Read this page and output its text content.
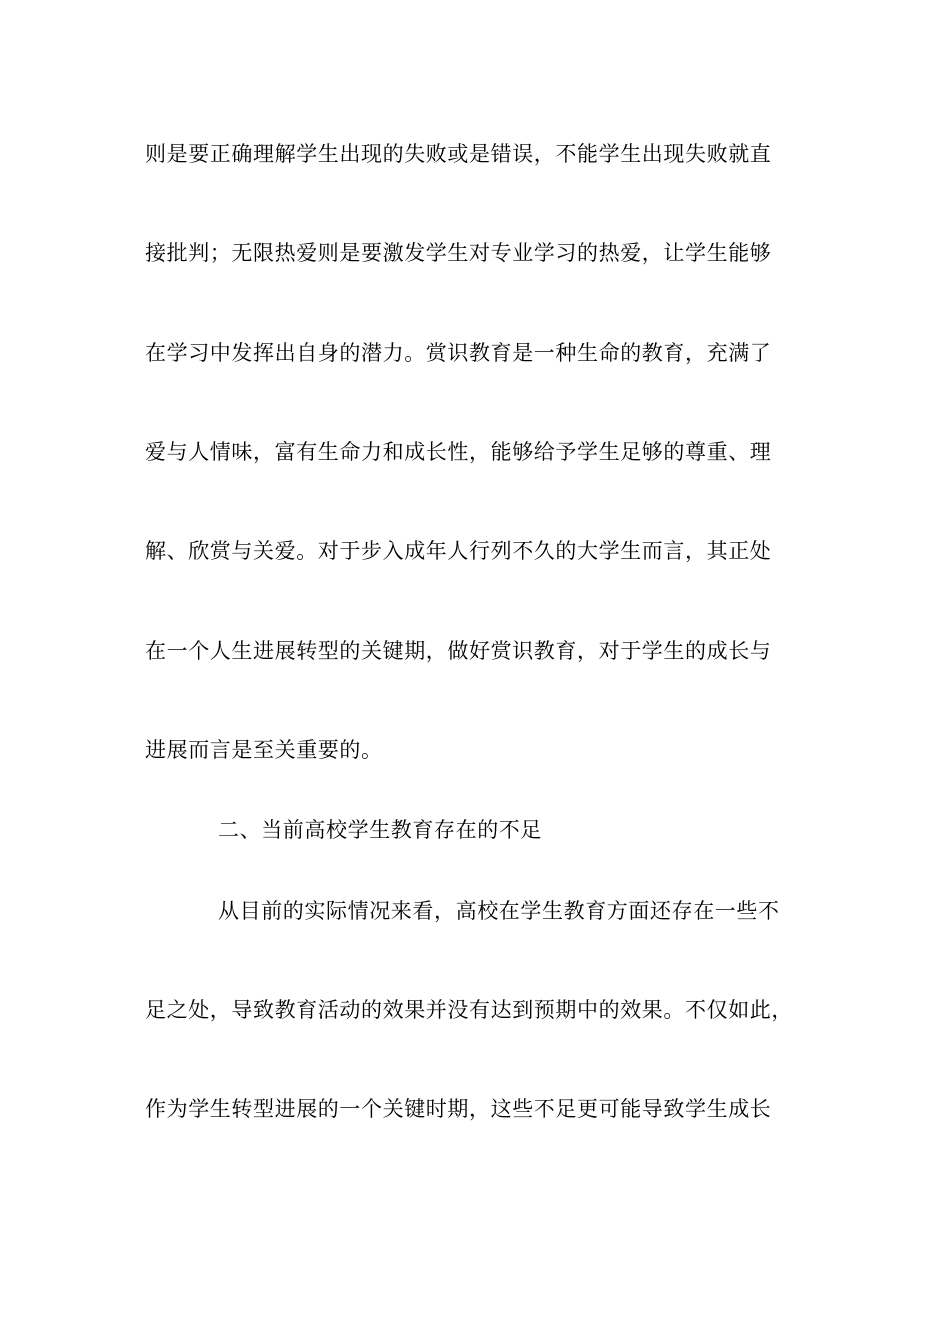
则是要正确理解学生出现的失败或是错误，不能学生出现失败就直
接批判；无限热爱则是要激发学生对专业学习的热爱，让学生能够
在学习中发挥出自身的潜力。赏识教育是一种生命的教育，充满了
爱与人情味，富有生命力和成长性，能够给予学生足够的尊重、理
解、欣赏与关爱。对于步入成年人行列不久的大学生而言，其正处
在一个人生进展转型的关键期，做好赏识教育，对于学生的成长与
进展而言是至关重要的。
二、当前高校学生教育存在的不足
从目前的实际情况来看，高校在学生教育方面还存在一些不
足之处，导致教育活动的效果并没有达到预期中的效果。不仅如此，
作为学生转型进展的一个关键时期，这些不足更可能导致学生成长
